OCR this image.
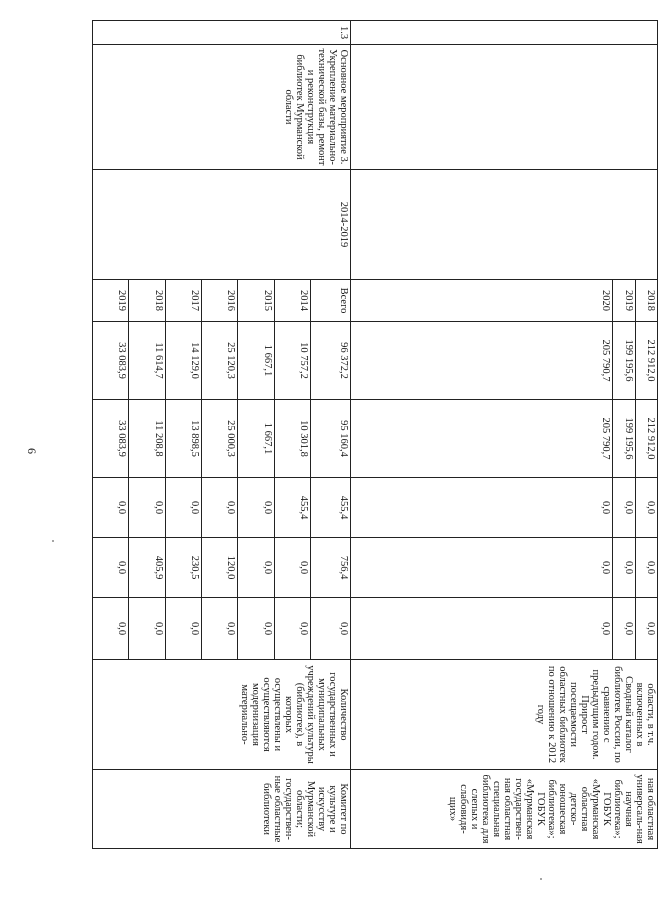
6
			2018	212 912,0	212 912,0	0,0	0,0	0,0	области, в т.ч. включенных в Сводный каталог библиотек России, по сравнению с предыдущим годом. Прирост посещаемости областных библиотек по отношению к 2012 году	ная областная универсаль-ная научная библиотека»; ГОБУК «Мурманская областная детско-юношеская библиотека»; ГОБУК «Мурманская государствен-ная областная специальная библиотека для слепых и слабовидя-щих»
			2019	199 195,6	199 195,6	0,0	0,0	0,0		
			2020	205 790,7	205 790,7	0,0	0,0	0,0		
1.3	Основное мероприятие 3. Укрепление материально-технической базы, ремонт и реконструкция библиотек Мурманской области	2014-2019	Всего	96 372,2	95 160,4	455,4	756,4	0,0	Количество государственных и муниципальных учреждений культуры (библиотек), в которых осуществлены и осуществляются модернизация материально-	Комитет по культуре и искусству Мурманской области; государствен-ные областные библиотеки
			2014	10 757,2	10 301,8	455,4	0,0	0,0		
			2015	1 667,1	1 667,1	0,0	0,0	0,0		
			2016	25 120,3	25 000,3	0,0	120,0	0,0		
			2017	14 129,0	13 898,5	0,0	230,5	0,0		
			2018	11 614,7	11 208,8	0,0	405,9	0,0		
			2019	33 083,9	33 083,9	0,0	0,0	0,0		
